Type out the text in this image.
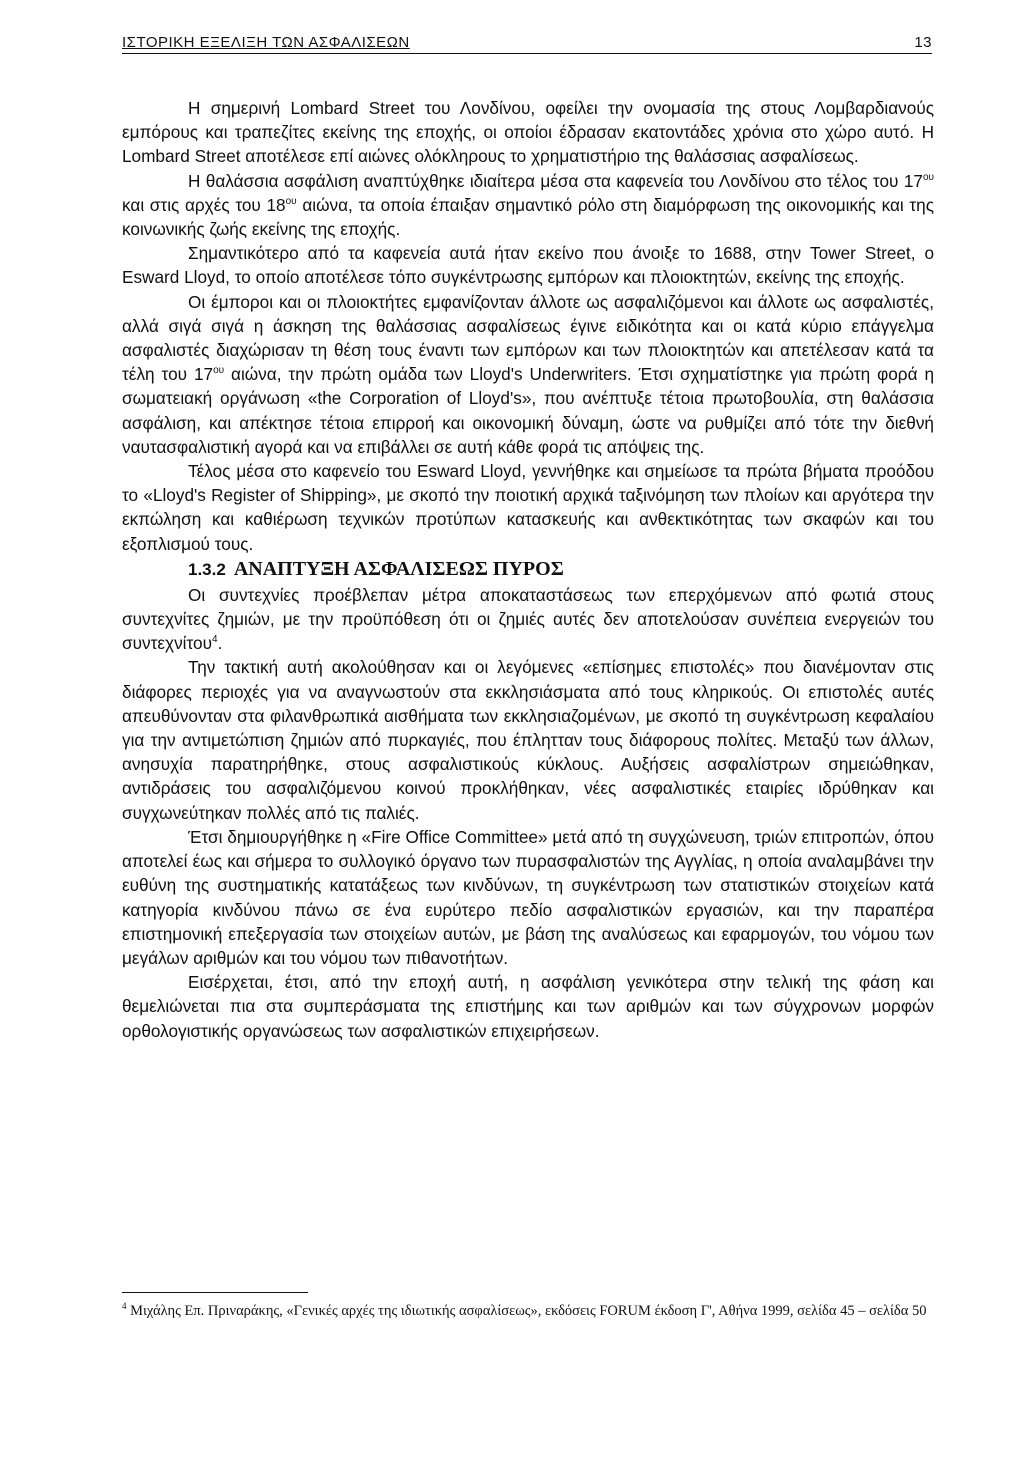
ΙΣΤΟΡΙΚΗ ΕΞΕΛΙΞΗ ΤΩΝ ΑΣΦΑΛΙΣΕΩΝ	13

Η σημερινή Lombard Street του Λονδίνου, οφείλει την ονομασία της στους Λομβαρδιανούς εμπόρους και τραπεζίτες εκείνης της εποχής, οι οποίοι έδρασαν εκατοντάδες χρόνια στο χώρο αυτό. Η Lombard Street αποτέλεσε επί αιώνες ολόκληρους το χρηματιστήριο της θαλάσσιας ασφαλίσεως.

Η θαλάσσια ασφάλιση αναπτύχθηκε ιδιαίτερα μέσα στα καφενεία του Λονδίνου στο τέλος του $17^{o\upsilon}$ και στις αρχές του $18^{o\upsilon}$ αιώνα, τα οποία έπαιξαν σημαντικό ρόλο στη διαμόρφωση της οικονομικής και της κοινωνικής ζωής εκείνης της εποχής.

Σημαντικότερο από τα καφενεία αυτά ήταν εκείνο που άνοιξε το 1688, στην Tower Street, ο Esward Lloyd, το οποίο αποτέλεσε τόπο συγκέντρωσης εμπόρων και πλοιοκτητών, εκείνης της εποχής.

Οι έμποροι και οι πλοιοκτήτες εμφανίζονταν άλλοτε ως ασφαλιζόμενοι και άλλοτε ως ασφαλιστές, αλλά σιγά σιγά η άσκηση της θαλάσσιας ασφαλίσεως έγινε ειδικότητα και οι κατά κύριο επάγγελμα ασφαλιστές διαχώρισαν τη θέση τους έναντι των εμπόρων και των πλοιοκτητών και απετέλεσαν κατά τα τέλη του $17^{o\upsilon}$ αιώνα, την πρώτη ομάδα των Lloyd's Underwriters. Έτσι σχηματίστηκε για πρώτη φορά η σωματειακή οργάνωση «the Corporation of Lloyd's», που ανέπτυξε τέτοια πρωτοβουλία, στη θαλάσσια ασφάλιση, και απέκτησε τέτοια επιρροή και οικονομική δύναμη, ώστε να ρυθμίζει από τότε την διεθνή ναυτασφαλιστική αγορά και να επιβάλλει σε αυτή κάθε φορά τις απόψεις της.

Τέλος μέσα στο καφενείο του Esward Lloyd, γεννήθηκε και σημείωσε τα πρώτα βήματα προόδου το «Lloyd's Register of Shipping», με σκοπό την ποιοτική αρχικά ταξινόμηση των πλοίων και αργότερα την εκπώληση και καθιέρωση τεχνικών προτύπων κατασκευής και ανθεκτικότητας των σκαφών και του εξοπλισμού τους.

1.3.2 ΑΝΑΠΤΥΞΗ ΑΣΦΑΛΙΣΕΩΣ ΠΥΡΟΣ

Οι συντεχνίες προέβλεπαν μέτρα αποκαταστάσεως των επερχόμενων από φωτιά στους συντεχνίτες ζημιών, με την προϋπόθεση ότι οι ζημιές αυτές δεν αποτελούσαν συνέπεια ενεργειών του συντεχνίτου$^4$.

Την τακτική αυτή ακολούθησαν και οι λεγόμενες «επίσημες επιστολές» που διανέμονταν στις διάφορες περιοχές για να αναγνωστούν στα εκκλησιάσματα από τους κληρικούς. Οι επιστολές αυτές απευθύνονταν στα φιλανθρωπικά αισθήματα των εκκλησιαζομένων, με σκοπό τη συγκέντρωση κεφαλαίου για την αντιμετώπιση ζημιών από πυρκαγιές, που έπλητταν τους διάφορους πολίτες. Μεταξύ των άλλων, ανησυχία παρατηρήθηκε, στους ασφαλιστικούς κύκλους. Αυξήσεις ασφαλίστρων σημειώθηκαν, αντιδράσεις του ασφαλιζόμενου κοινού προκλήθηκαν, νέες ασφαλιστικές εταιρίες ιδρύθηκαν και συγχωνεύτηκαν πολλές από τις παλιές.

Έτσι δημιουργήθηκε η «Fire Office Committee» μετά από τη συγχώνευση, τριών επιτροπών, όπου αποτελεί έως και σήμερα το συλλογικό όργανο των πυρασφαλιστών της Αγγλίας, η οποία αναλαμβάνει την ευθύνη της συστηματικής κατατάξεως των κινδύνων, τη συγκέντρωση των στατιστικών στοιχείων κατά κατηγορία κινδύνου πάνω σε ένα ευρύτερο πεδίο ασφαλιστικών εργασιών, και την παραπέρα επιστημονική επεξεργασία των στοιχείων αυτών, με βάση της αναλύσεως και εφαρμογών, του νόμου των μεγάλων αριθμών και του νόμου των πιθανοτήτων.

Εισέρχεται, έτσι, από την εποχή αυτή, η ασφάλιση γενικότερα στην τελική της φάση και θεμελιώνεται πια στα συμπεράσματα της επιστήμης και των αριθμών και των σύγχρονων μορφών ορθολογιστικής οργανώσεως των ασφαλιστικών επιχειρήσεων.

$^4$ Μιχάλης Επ. Πριναράκης, «Γενικές αρχές της ιδιωτικής ασφαλίσεως», εκδόσεις FORUM έκδοση Γ', Αθήνα 1999, σελίδα 45 – σελίδα 50
